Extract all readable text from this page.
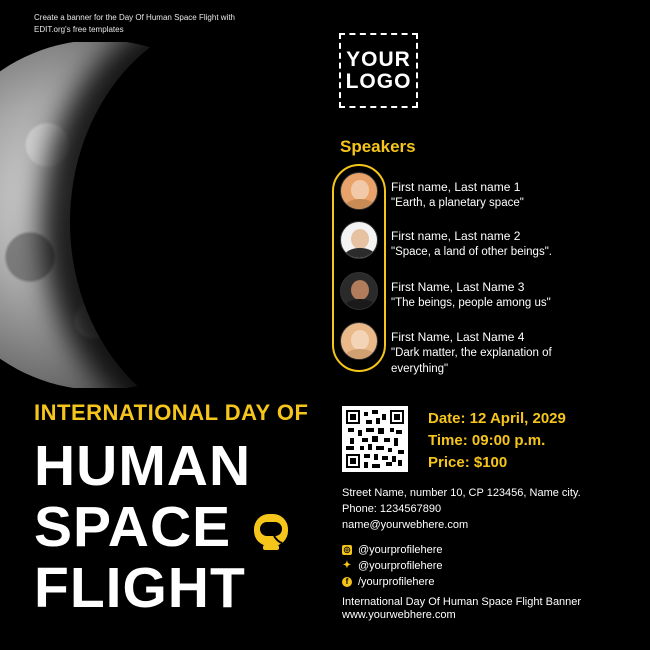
Create a banner for the Day Of Human Space Flight with EDIT.org's free templates
YOUR
LOGO
Speakers
First name, Last name 1
"Earth, a planetary space"
First name, Last name 2
"Space, a land of other beings".
First Name, Last Name 3
"The beings, people among us"
First Name, Last Name 4
"Dark matter, the explanation of everything"
INTERNATIONAL DAY OF
HUMAN
SPACE
FLIGHT
Date: 12 April, 2029
Time: 09:00 p.m.
Price: $100
Street Name, number 10, CP 123456, Name city.
Phone: 1234567890
name@yourwebhere.com
◎ @yourprofilehere
✦ @yourprofilehere
f /yourprofilehere
International Day Of Human Space Flight Banner
www.yourwebhere.com
